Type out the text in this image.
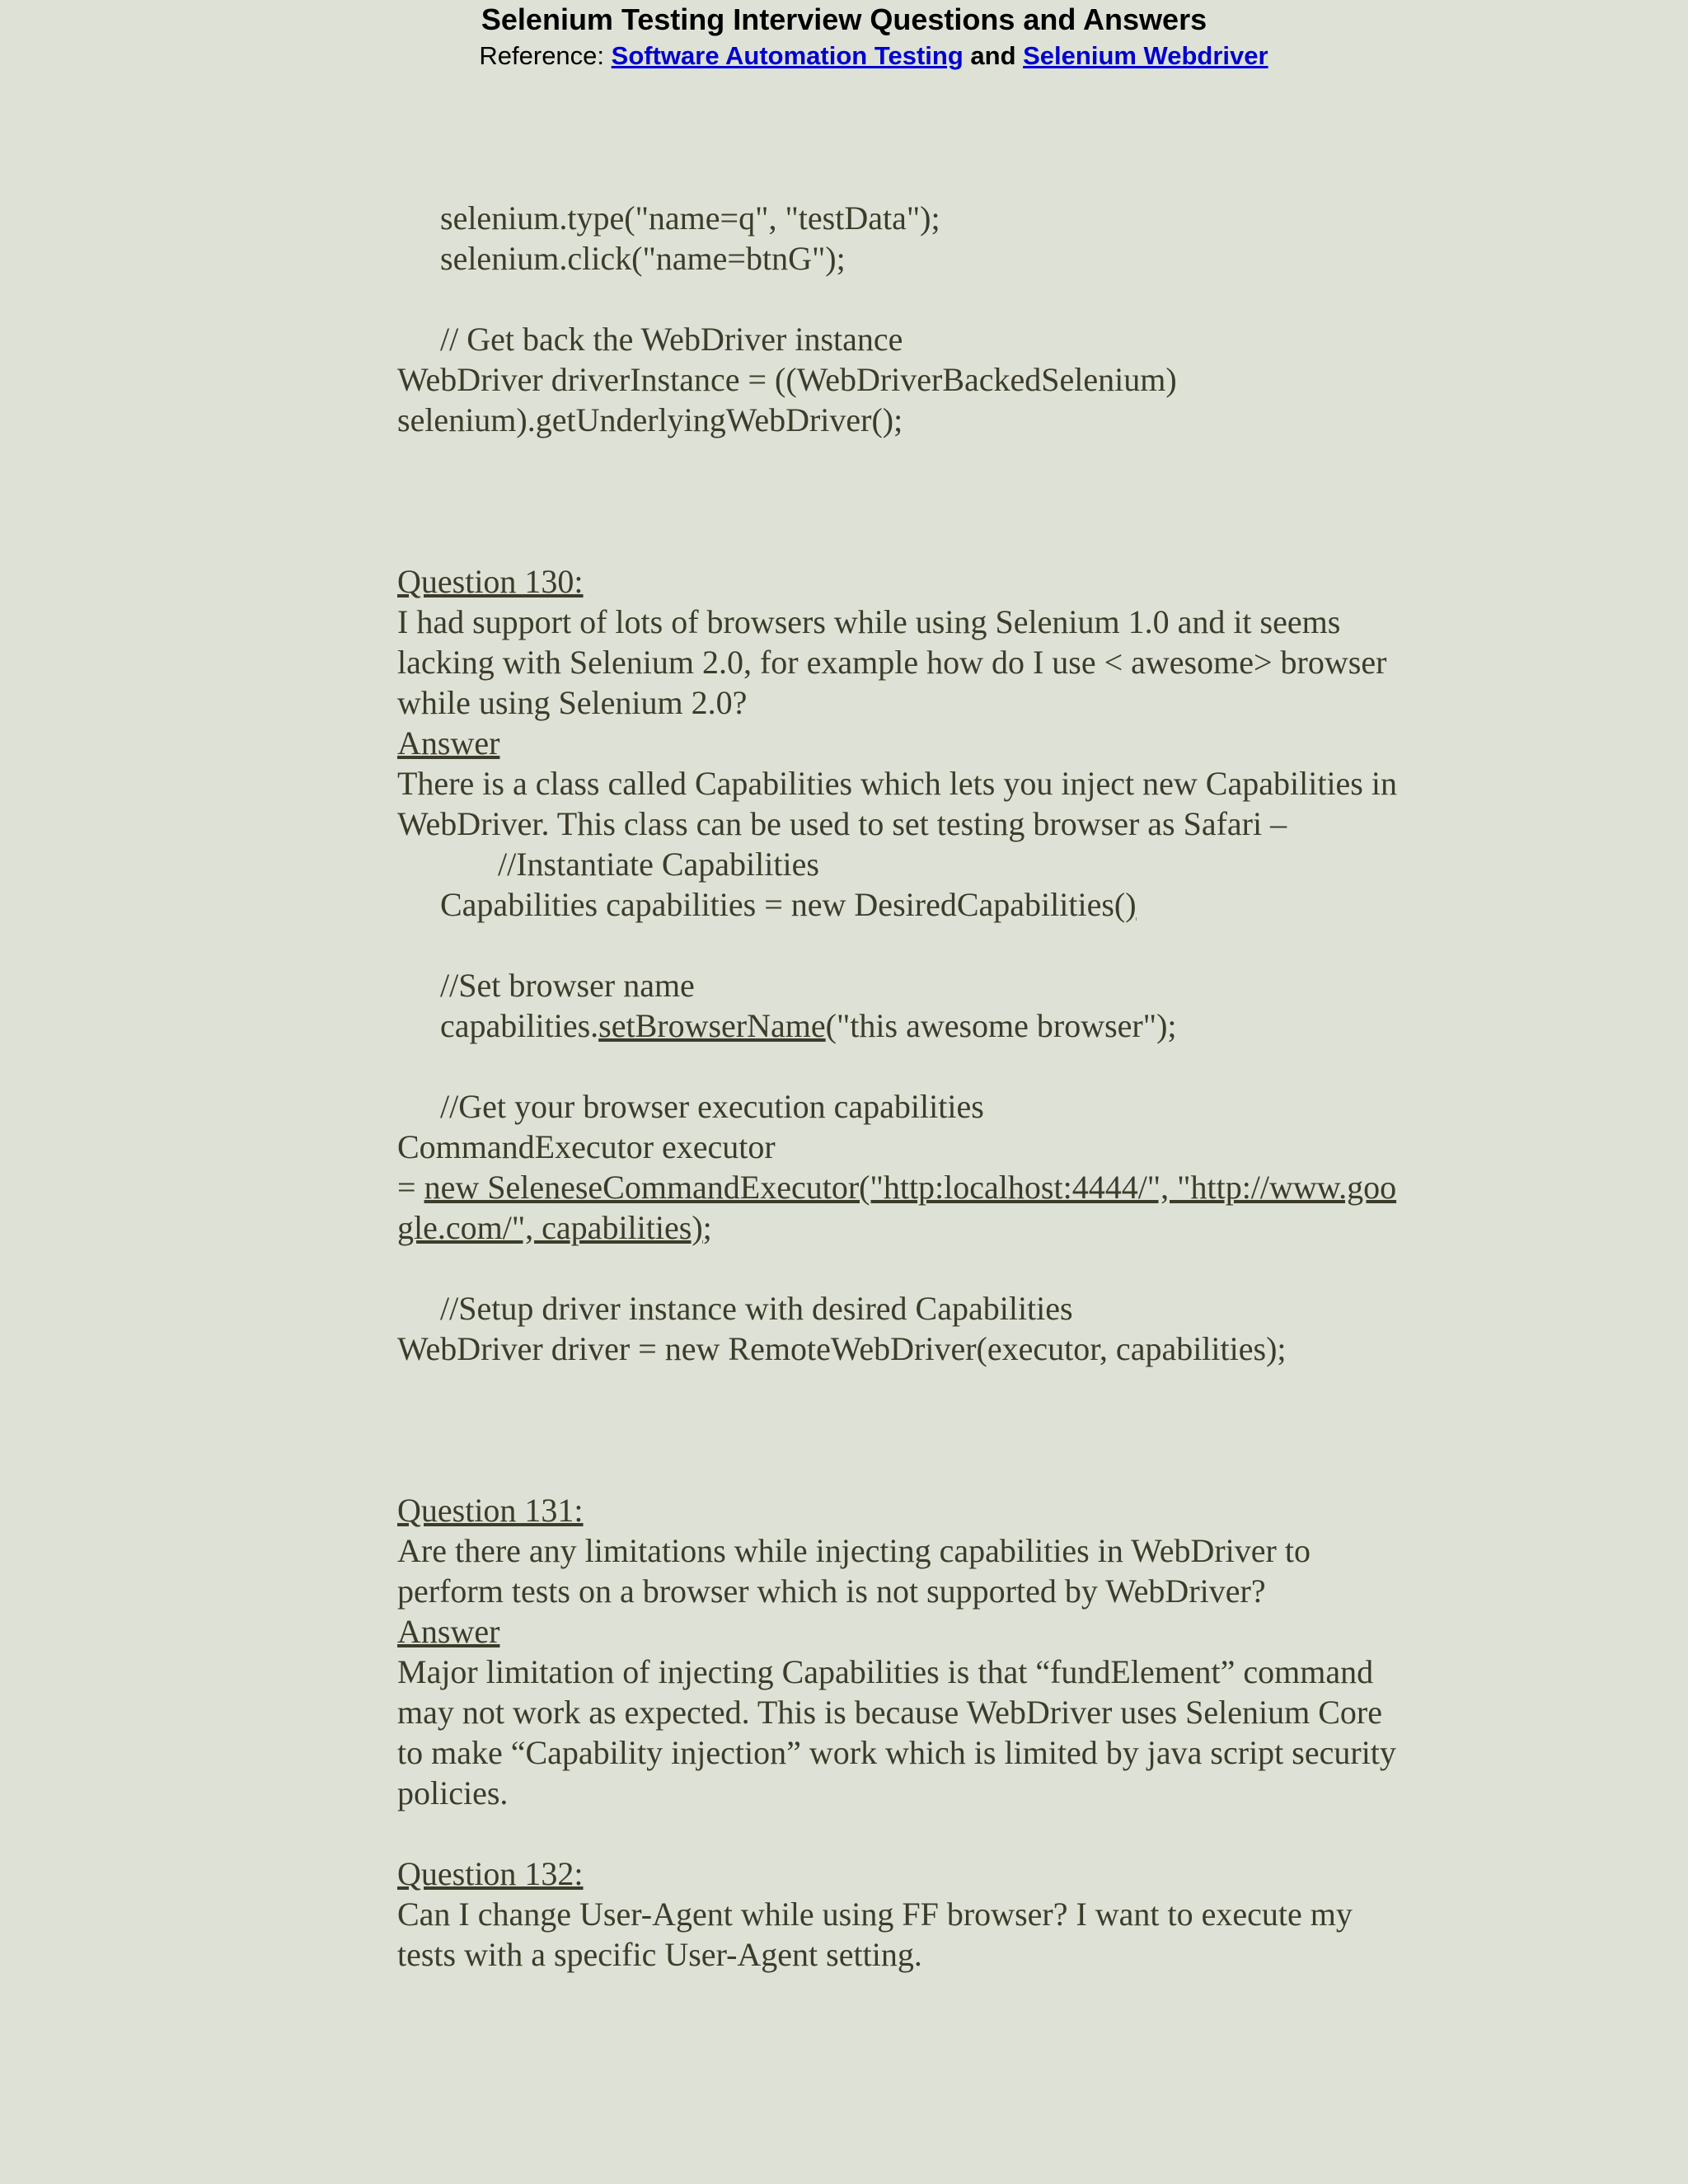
Selenium Testing Interview Questions and Answers
Reference: Software Automation Testing and Selenium Webdriver
selenium.type("name=q", "testData");
selenium.click("name=btnG");
// Get back the WebDriver instance
WebDriver driverInstance = ((WebDriverBackedSelenium)
selenium).getUnderlyingWebDriver();
Question 130:
I had support of lots of browsers while using Selenium 1.0 and it seems
lacking with Selenium 2.0, for example how do I use < awesome> browser
while using Selenium 2.0?
Answer
There is a class called Capabilities which lets you inject new Capabilities in
WebDriver. This class can be used to set testing browser as Safari –
//Instantiate Capabilities
Capabilities capabilities = new DesiredCapabilities()
//Set browser name
capabilities.setBrowserName("this awesome browser");
//Get your browser execution capabilities
CommandExecutor executor
= new SeleneseCommandExecutor("http:localhost:4444/", "http://www.goo
gle.com/", capabilities);
//Setup driver instance with desired Capabilities
WebDriver driver = new RemoteWebDriver(executor, capabilities);
Question 131:
Are there any limitations while injecting capabilities in WebDriver to
perform tests on a browser which is not supported by WebDriver?
Answer
Major limitation of injecting Capabilities is that “fundElement” command
may not work as expected. This is because WebDriver uses Selenium Core
to make “Capability injection” work which is limited by java script security
policies.
Question 132:
Can I change User-Agent while using FF browser? I want to execute my
tests with a specific User-Agent setting.
